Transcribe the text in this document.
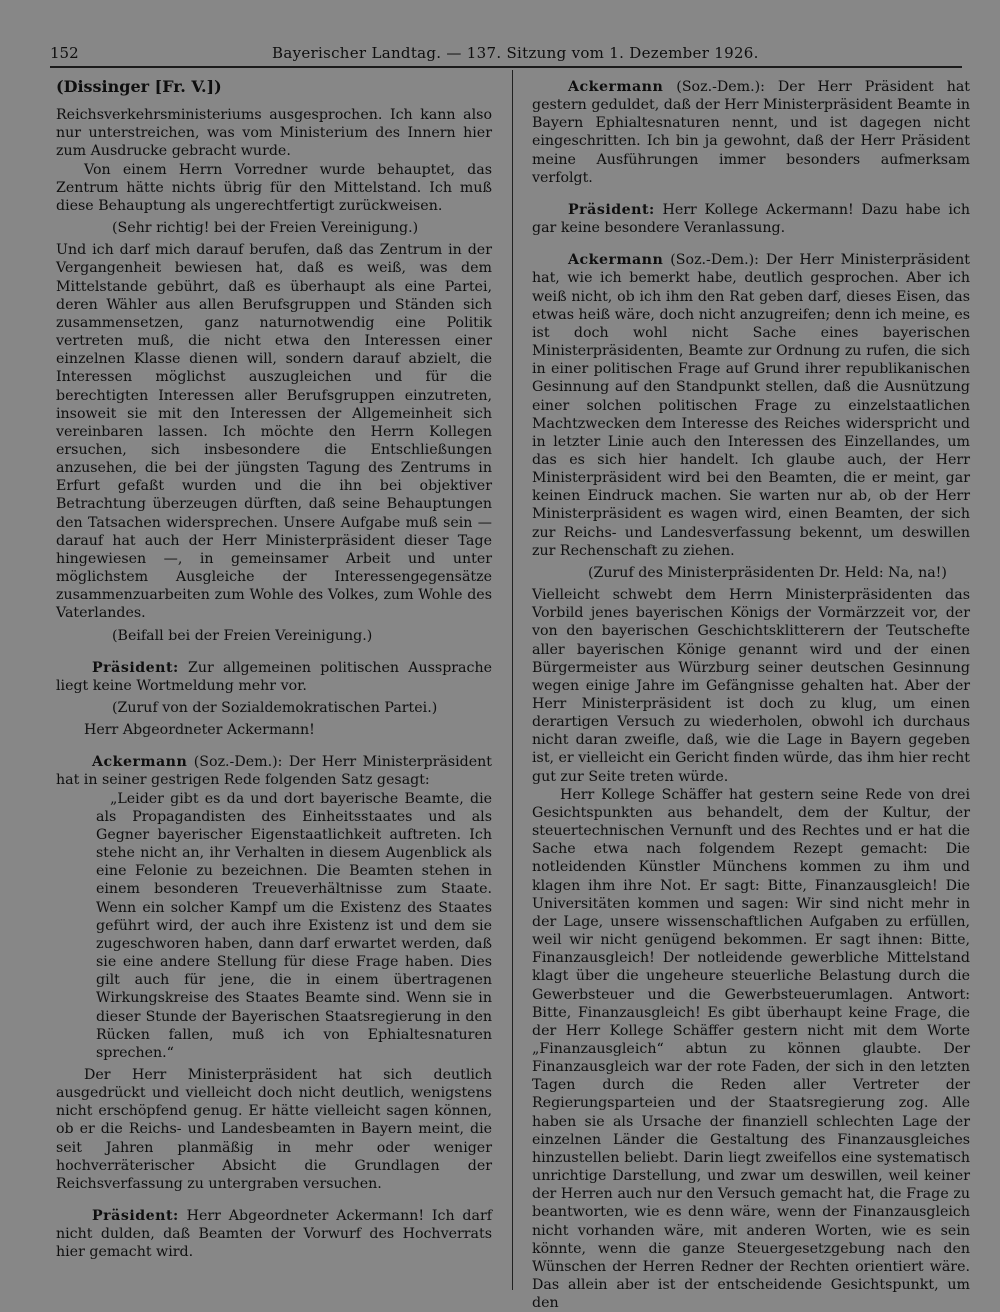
152	Bayerischer Landtag. — 137. Sitzung vom 1. Dezember 1926.
(Dissinger [Fr. V.])

Reichsverkehrsministeriums ausgesprochen. Ich kann also nur unterstreichen, was vom Ministerium des Innern hier zum Ausdrucke gebracht wurde.

Von einem Herrn Vorredner wurde behauptet, das Zentrum hätte nichts übrig für den Mittelstand. Ich muß diese Behauptung als ungerechtfertigt zurückweisen.

(Sehr richtig! bei der Freien Vereinigung.)

Und ich darf mich darauf berufen, daß das Zentrum in der Vergangenheit bewiesen hat, daß es weiß, was dem Mittelstande gebührt, daß es überhaupt als eine Partei, deren Wähler aus allen Berufsgruppen und Ständen sich zusammensetzen, ganz naturnotwendig eine Politik vertreten muß, die nicht etwa den Interessen einer einzelnen Klasse dienen will, sondern darauf abzielt, die Interessen möglichst auszugleichen und für die berechtigten Interessen aller Berufsgruppen einzutreten, insoweit sie mit den Interessen der Allgemeinheit sich vereinbaren lassen. Ich möchte den Herrn Kollegen ersuchen, sich insbesondere die Entschließungen anzusehen, die bei der jüngsten Tagung des Zentrums in Erfurt gefaßt wurden und die ihn bei objektiver Betrachtung überzeugen dürften, daß seine Behauptungen den Tatsachen widersprechen. Unsere Aufgabe muß sein — darauf hat auch der Herr Ministerpräsident dieser Tage hingewiesen —, in gemeinsamer Arbeit und unter möglichstem Ausgleiche der Interessengegensätze zusammenzuarbeiten zum Wohle des Volkes, zum Wohle des Vaterlandes.

(Beifall bei der Freien Vereinigung.)

Präsident: Zur allgemeinen politischen Aussprache liegt keine Wortmeldung mehr vor.

(Zuruf von der Sozialdemokratischen Partei.)

Herr Abgeordneter Ackermann!

Ackermann (Soz.-Dem.): Der Herr Ministerpräsident hat in seiner gestrigen Rede folgenden Satz gesagt:

„Leider gibt es da und dort bayerische Beamte, die als Propagandisten des Einheitsstaates und als Gegner bayerischer Eigenstaatlichkeit auftreten. Ich stehe nicht an, ihr Verhalten in diesem Augenblick als eine Felonie zu bezeichnen. Die Beamten stehen in einem besonderen Treueverhältnisse zum Staate. Wenn ein solcher Kampf um die Existenz des Staates geführt wird, der auch ihre Existenz ist und dem sie zugeschworen haben, dann darf erwartet werden, daß sie eine andere Stellung für diese Frage haben. Dies gilt auch für jene, die in einem übertragenen Wirkungskreise des Staates Beamte sind. Wenn sie in dieser Stunde der Bayerischen Staatsregierung in den Rücken fallen, muß ich von Ephialtesnaturen sprechen.“

Der Herr Ministerpräsident hat sich deutlich ausgedrückt und vielleicht doch nicht deutlich, wenigstens nicht erschöpfend genug. Er hätte vielleicht sagen können, ob er die Reichs- und Landesbeamten in Bayern meint, die seit Jahren planmäßig in mehr oder weniger hochverräterischer Absicht die Grundlagen der Reichsverfassung zu untergraben versuchen.

Präsident: Herr Abgeordneter Ackermann! Ich darf nicht dulden, daß Beamten der Vorwurf des Hochverrats hier gemacht wird.

Ackermann (Soz.-Dem.): Der Herr Präsident hat gestern geduldet, daß der Herr Ministerpräsident Beamte in Bayern Ephialtesnaturen nennt, und ist dagegen nicht eingeschritten. Ich bin ja gewohnt, daß der Herr Präsident meine Ausführungen immer besonders aufmerksam verfolgt.

Präsident: Herr Kollege Ackermann! Dazu habe ich gar keine besondere Veranlassung.

Ackermann (Soz.-Dem.): Der Herr Ministerpräsident hat, wie ich bemerkt habe, deutlich gesprochen. Aber ich weiß nicht, ob ich ihm den Rat geben darf, dieses Eisen, das etwas heiß wäre, doch nicht anzugreifen; denn ich meine, es ist doch wohl nicht Sache eines bayerischen Ministerpräsidenten, Beamte zur Ordnung zu rufen, die sich in einer politischen Frage auf Grund ihrer republikanischen Gesinnung auf den Standpunkt stellen, daß die Ausnützung einer solchen politischen Frage zu einzelstaatlichen Machtzwecken dem Interesse des Reiches widerspricht und in letzter Linie auch den Interessen des Einzellandes, um das es sich hier handelt. Ich glaube auch, der Herr Ministerpräsident wird bei den Beamten, die er meint, gar keinen Eindruck machen. Sie warten nur ab, ob der Herr Ministerpräsident es wagen wird, einen Beamten, der sich zur Reichs- und Landesverfassung bekennt, um deswillen zur Rechenschaft zu ziehen.

(Zuruf des Ministerpräsidenten Dr. Held: Na, na!)

Vielleicht schwebt dem Herrn Ministerpräsidenten das Vorbild jenes bayerischen Königs der Vormärzzeit vor, der von den bayerischen Geschichtsklitterern der Teutschefte aller bayerischen Könige genannt wird und der einen Bürgermeister aus Würzburg seiner deutschen Gesinnung wegen einige Jahre im Gefängnisse gehalten hat. Aber der Herr Ministerpräsident ist doch zu klug, um einen derartigen Versuch zu wiederholen, obwohl ich durchaus nicht daran zweifle, daß, wie die Lage in Bayern gegeben ist, er vielleicht ein Gericht finden würde, das ihm hier recht gut zur Seite treten würde.

Herr Kollege Schäffer hat gestern seine Rede von drei Gesichtspunkten aus behandelt, dem der Kultur, der steuertechnischen Vernunft und des Rechtes und er hat die Sache etwa nach folgendem Rezept gemacht: Die notleidenden Künstler Münchens kommen zu ihm und klagen ihm ihre Not. Er sagt: Bitte, Finanzausgleich! Die Universitäten kommen und sagen: Wir sind nicht mehr in der Lage, unsere wissenschaftlichen Aufgaben zu erfüllen, weil wir nicht genügend bekommen. Er sagt ihnen: Bitte, Finanzausgleich! Der notleidende gewerbliche Mittelstand klagt über die ungeheure steuerliche Belastung durch die Gewerbsteuer und die Gewerbsteuerumlagen. Antwort: Bitte, Finanzausgleich! Es gibt überhaupt keine Frage, die der Herr Kollege Schäffer gestern nicht mit dem Worte „Finanzausgleich“ abtun zu können glaubte. Der Finanzausgleich war der rote Faden, der sich in den letzten Tagen durch die Reden aller Vertreter der Regierungsparteien und der Staatsregierung zog. Alle haben sie als Ursache der finanziell schlechten Lage der einzelnen Länder die Gestaltung des Finanzausgleiches hinzustellen beliebt. Darin liegt zweifellos eine systematisch unrichtige Darstellung, und zwar um deswillen, weil keiner der Herren auch nur den Versuch gemacht hat, die Frage zu beantworten, wie es denn wäre, wenn der Finanzausgleich nicht vorhanden wäre, mit anderen Worten, wie es sein könnte, wenn die ganze Steuergesetzgebung nach den Wünschen der Herren Redner der Rechten orientiert wäre. Das allein aber ist der entscheidende Gesichtspunkt, um den
